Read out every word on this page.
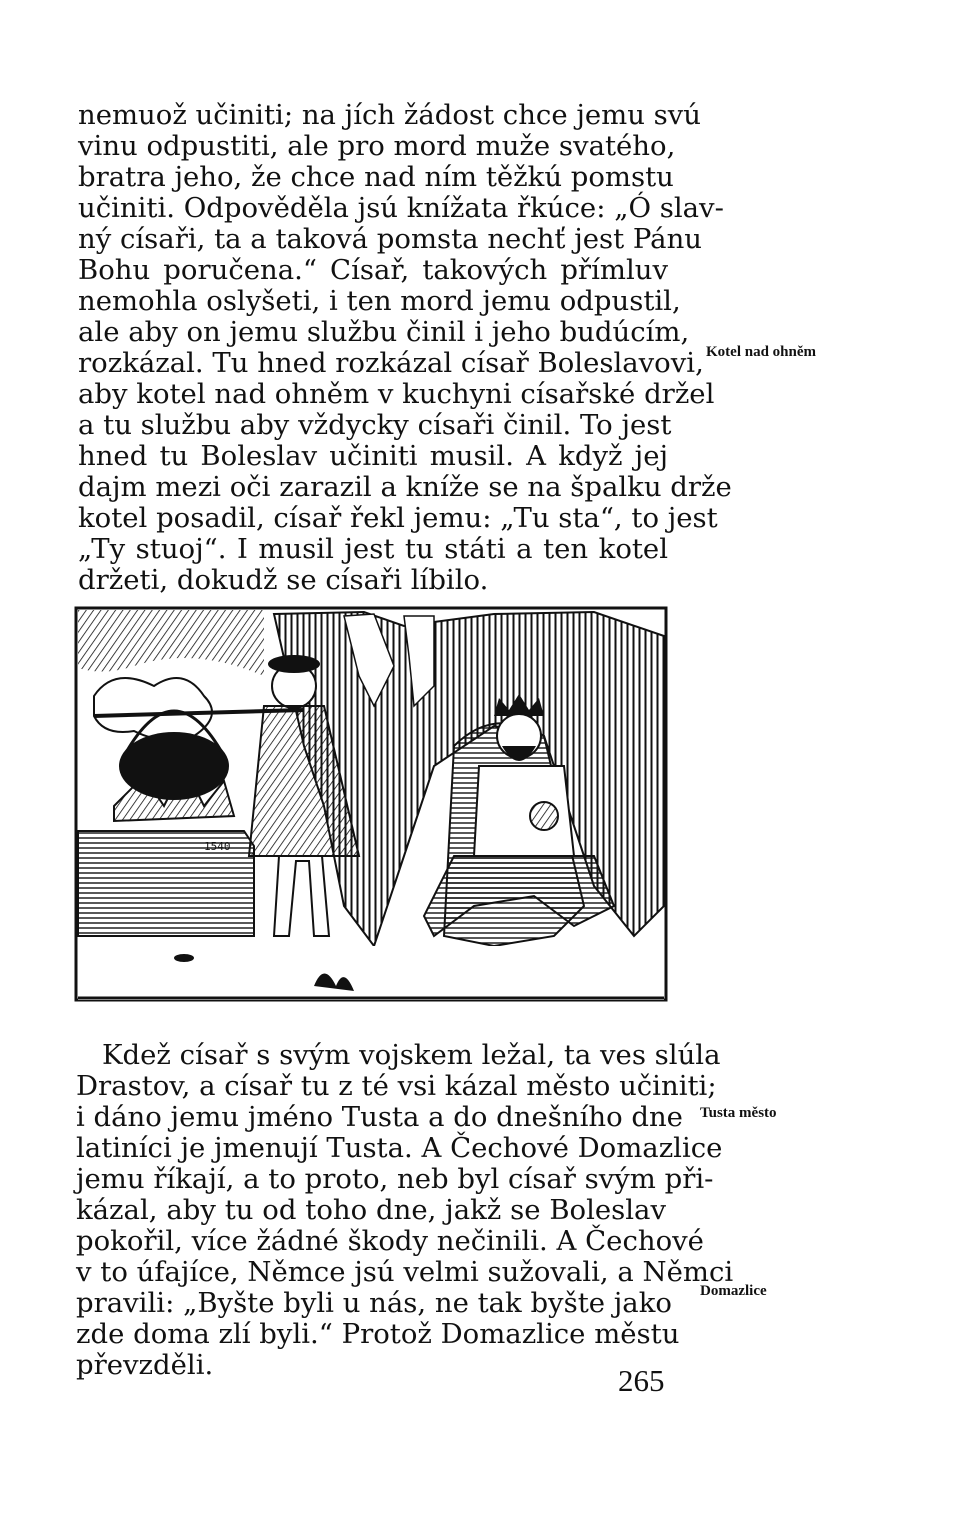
nemuož učiniti; na jích žádost chce jemu svú
vinu odpustiti, ale pro mord muže svatého,
bratra jeho, že chce nad ním těžkú pomstu
učiniti. Odpověděla jsú knížata řkúce: „Ó slav-
ný císaři, ta a taková pomsta nechť jest Pánu
Bohu poručena.“ Císař, takových přímluv
nemohla oslyšeti, i ten mord jemu odpustil,
ale aby on jemu službu činil i jeho budúcím,
rozkázal. Tu hned rozkázal císař Boleslavovi,
aby kotel nad ohněm v kuchyni císařské držel
a tu službu aby vždycky císaři činil. To jest
hned tu Boleslav učiniti musil. A když jej
dajm mezi oči zarazil a kníže se na špalku drže
kotel posadil, císař řekl jemu: „Tu sta“, to jest
„Ty stuoj“. I musil jest tu státi a ten kotel
držeti, dokudž se císaři líbilo.
Kotel nad ohněm
1540
Kdež císař s svým vojskem ležal, ta ves slúla
Drastov, a císař tu z té vsi kázal město učiniti;
i dáno jemu jméno Tusta a do dnešního dne
latiníci je jmenují Tusta. A Čechové Domazlice
jemu říkají, a to proto, neb byl císař svým při-
kázal, aby tu od toho dne, jakž se Boleslav
pokořil, více žádné škody nečinili. A Čechové
v to úfajíce, Němce jsú velmi sužovali, a Němci
pravili: „Byšte byli u nás, ne tak byšte jako
zde doma zlí byli.“ Protož Domazlice městu
převzděli.
Tusta město
Domazlice
265
